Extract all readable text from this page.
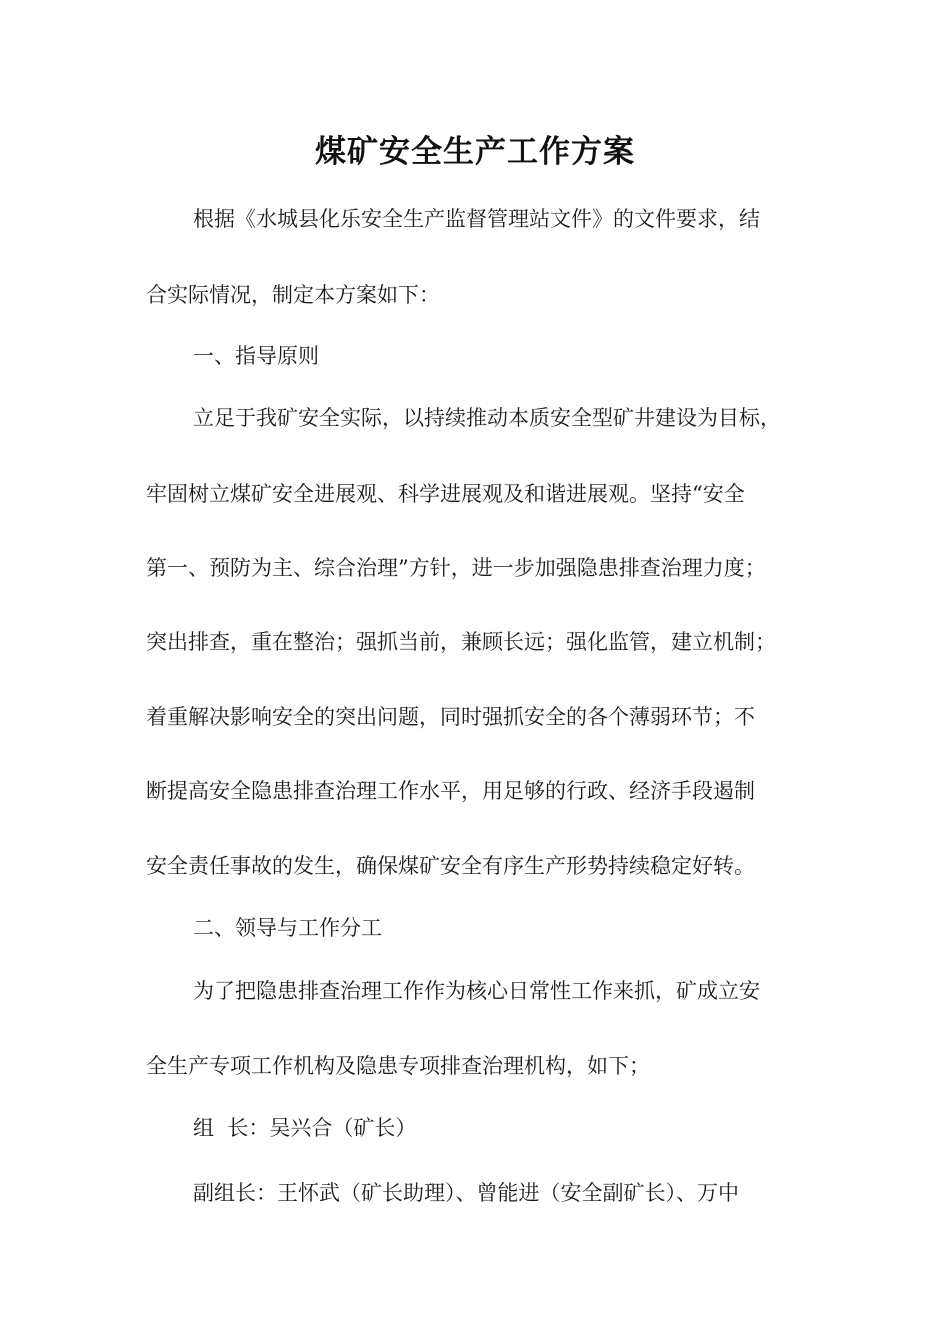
煤矿安全生产工作方案
根据《水城县化乐安全生产监督管理站文件》的文件要求，结
合实际情况，制定本方案如下：
一、指导原则
立足于我矿安全实际，以持续推动本质安全型矿井建设为目标，
牢固树立煤矿安全进展观、科学进展观及和谐进展观。坚持“安全
第一、预防为主、综合治理”方针，进一步加强隐患排查治理力度；
突出排查，重在整治；强抓当前，兼顾长远；强化监管，建立机制；
着重解决影响安全的突出问题，同时强抓安全的各个薄弱环节；不
断提高安全隐患排查治理工作水平，用足够的行政、经济手段遏制
安全责任事故的发生，确保煤矿安全有序生产形势持续稳定好转。
二、领导与工作分工
为了把隐患排查治理工作作为核心日常性工作来抓，矿成立安
全生产专项工作机构及隐患专项排查治理机构，如下；
组  长：吴兴合（矿长）
副组长：王怀武（矿长助理）、曾能进（安全副矿长）、万中
